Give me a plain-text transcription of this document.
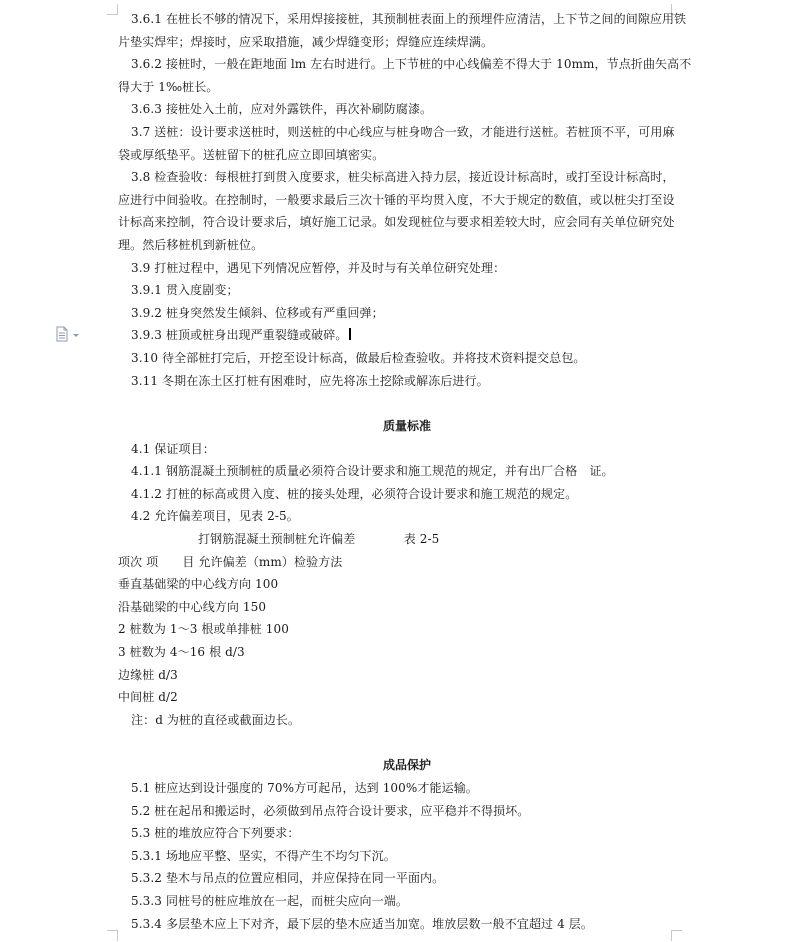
3.6.1 在桩长不够的情况下，采用焊接接桩，其预制桩表面上的预埋件应清洁，上下节之间的间隙应用铁
片垫实焊牢；焊接时，应采取措施，减少焊缝变形；焊缝应连续焊满。
3.6.2 接桩时，一般在距地面 lm 左右时进行。上下节桩的中心线偏差不得大于 10mm，节点折曲矢高不
得大于 1‰桩长。
3.6.3 接桩处入土前，应对外露铁件，再次补刷防腐漆。
3.7 送桩：设计要求送桩时，则送桩的中心线应与桩身吻合一致，才能进行送桩。若桩顶不平，可用麻
袋或厚纸垫平。送桩留下的桩孔应立即回填密实。
3.8 检查验收：每根桩打到贯入度要求，桩尖标高进入持力层，接近设计标高时，或打至设计标高时，
应进行中间验收。在控制时，一般要求最后三次十锤的平均贯入度，不大于规定的数值，或以桩尖打至设
计标高来控制，符合设计要求后，填好施工记录。如发现桩位与要求相差较大时，应会同有关单位研究处
理。然后移桩机到新桩位。
3.9 打桩过程中，遇见下列情况应暂停，并及时与有关单位研究处理：
3.9.1 贯入度剧变；
3.9.2 桩身突然发生倾斜、位移或有严重回弹；
3.9.3 桩顶或桩身出现严重裂缝或破碎。
3.10 待全部桩打完后，开挖至设计标高，做最后检查验收。并将技术资料提交总包。
3.11 冬期在冻土区打桩有困难时，应先将冻土挖除或解冻后进行。
质量标准
4.1 保证项目：
4.1.1 钢筋混凝土预制桩的质量必须符合设计要求和施工规范的规定，并有出厂合格　证。
4.1.2 打桩的标高或贯入度、桩的接头处理，必须符合设计要求和施工规范的规定。
4.2 允许偏差项目，见表 2-5。
打钢筋混凝土预制桩允许偏差　　　　表 2-5
项次 项　　目 允许偏差（mm）检验方法
垂直基础梁的中心线方向 100
沿基础梁的中心线方向 150
2 桩数为 1～3 根或单排桩 100
3 桩数为 4～16 根 d/3
边缘桩 d/3
中间桩 d/2
注：d 为桩的直径或截面边长。
成品保护
5.1 桩应达到设计强度的 70%方可起吊，达到 100%才能运输。
5.2 桩在起吊和搬运时，必须做到吊点符合设计要求，应平稳并不得损坏。
5.3 桩的堆放应符合下列要求：
5.3.1 场地应平整、坚实，不得产生不均匀下沉。
5.3.2 垫木与吊点的位置应相同，并应保持在同一平面内。
5.3.3 同桩号的桩应堆放在一起，而桩尖应向一端。
5.3.4 多层垫木应上下对齐，最下层的垫木应适当加宽。堆放层数一般不宜超过 4 层。
